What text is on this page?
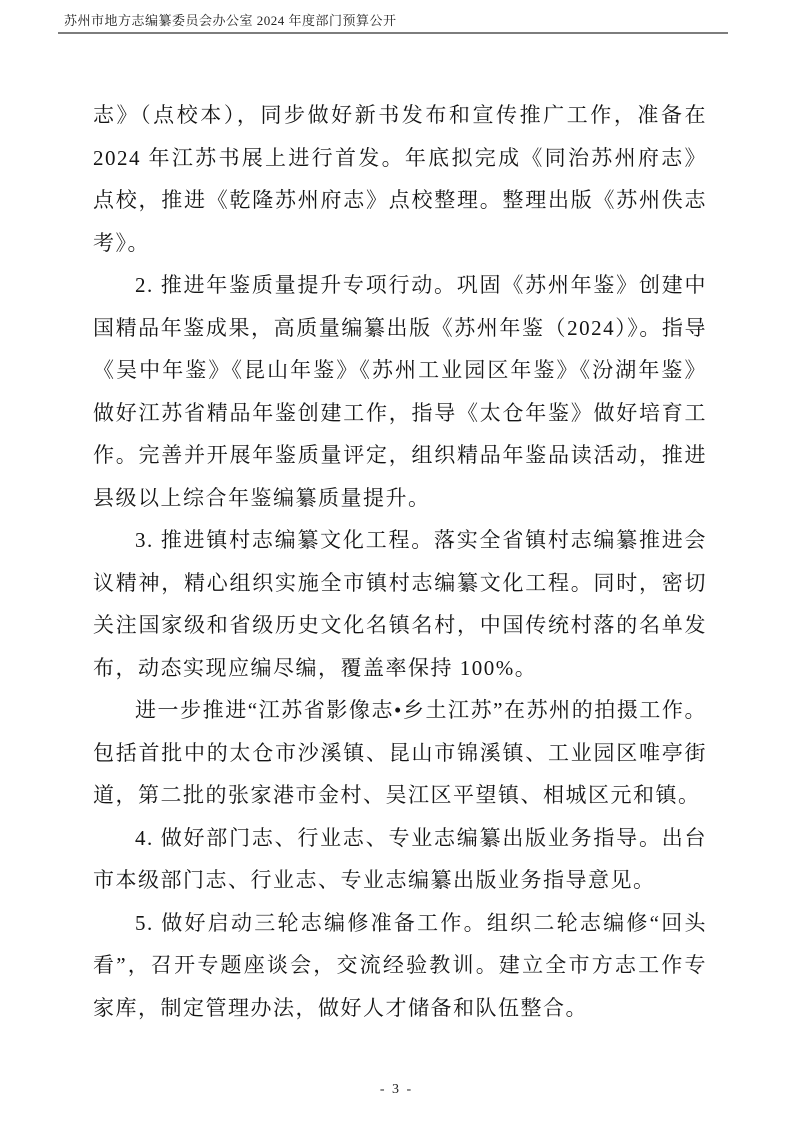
苏州市地方志编纂委员会办公室 2024 年度部门预算公开

志》（点校本），同步做好新书发布和宣传推广工作，准备在 2024 年江苏书展上进行首发。年底拟完成《同治苏州府志》点校，推进《乾隆苏州府志》点校整理。整理出版《苏州佚志考》。

2. 推进年鉴质量提升专项行动。巩固《苏州年鉴》创建中国精品年鉴成果，高质量编纂出版《苏州年鉴（2024）》。指导《吴中年鉴》《昆山年鉴》《苏州工业园区年鉴》《汾湖年鉴》做好江苏省精品年鉴创建工作，指导《太仓年鉴》做好培育工作。完善并开展年鉴质量评定，组织精品年鉴品读活动，推进县级以上综合年鉴编纂质量提升。

3. 推进镇村志编纂文化工程。落实全省镇村志编纂推进会议精神，精心组织实施全市镇村志编纂文化工程。同时，密切关注国家级和省级历史文化名镇名村，中国传统村落的名单发布，动态实现应编尽编，覆盖率保持 100%。

进一步推进“江苏省影像志•乡土江苏”在苏州的拍摄工作。包括首批中的太仓市沙溪镇、昆山市锦溪镇、工业园区唯亭街道，第二批的张家港市金村、吴江区平望镇、相城区元和镇。

4. 做好部门志、行业志、专业志编纂出版业务指导。出台市本级部门志、行业志、专业志编纂出版业务指导意见。

5. 做好启动三轮志编修准备工作。组织二轮志编修“回头看”，召开专题座谈会，交流经验教训。建立全市方志工作专家库，制定管理办法，做好人才储备和队伍整合。

- 3 -
